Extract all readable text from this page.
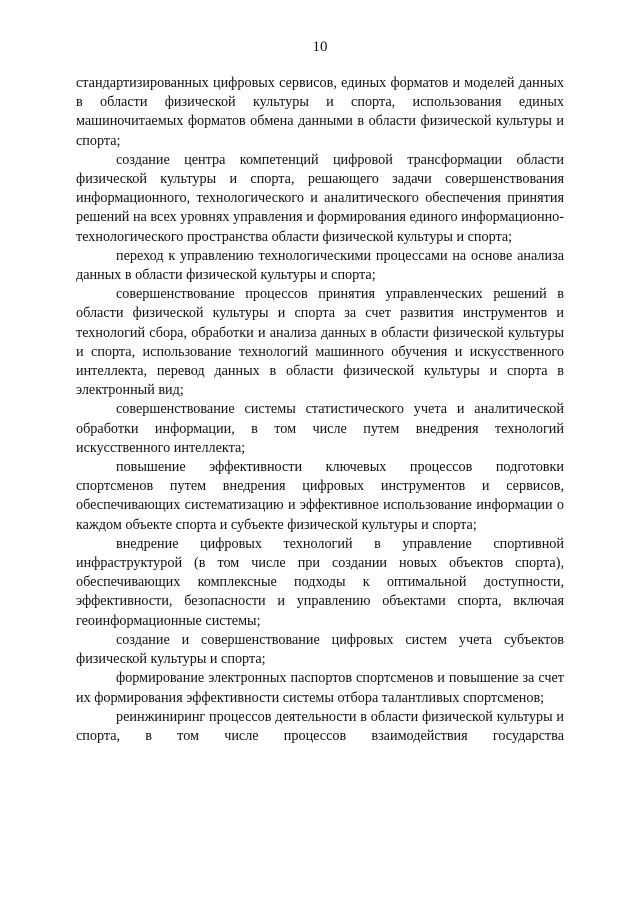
10

стандартизированных цифровых сервисов, единых форматов и моделей данных в области физической культуры и спорта, использования единых машиночитаемых форматов обмена данными в области физической культуры и спорта;

создание центра компетенций цифровой трансформации области физической культуры и спорта, решающего задачи совершенствования информационного, технологического и аналитического обеспечения принятия решений на всех уровнях управления и формирования единого информационно-технологического пространства области физической культуры и спорта;

переход к управлению технологическими процессами на основе анализа данных в области физической культуры и спорта;

совершенствование процессов принятия управленческих решений в области физической культуры и спорта за счет развития инструментов и технологий сбора, обработки и анализа данных в области физической культуры и спорта, использование технологий машинного обучения и искусственного интеллекта, перевод данных в области физической культуры и спорта в электронный вид;

совершенствование системы статистического учета и аналитической обработки информации, в том числе путем внедрения технологий искусственного интеллекта;

повышение эффективности ключевых процессов подготовки спортсменов путем внедрения цифровых инструментов и сервисов, обеспечивающих систематизацию и эффективное использование информации о каждом объекте спорта и субъекте физической культуры и спорта;

внедрение цифровых технологий в управление спортивной инфраструктурой (в том числе при создании новых объектов спорта), обеспечивающих комплексные подходы к оптимальной доступности, эффективности, безопасности и управлению объектами спорта, включая геоинформационные системы;

создание и совершенствование цифровых систем учета субъектов физической культуры и спорта;

формирование электронных паспортов спортсменов и повышение за счет их формирования эффективности системы отбора талантливых спортсменов;

реинжиниринг процессов деятельности в области физической культуры и спорта, в том числе процессов взаимодействия государства
